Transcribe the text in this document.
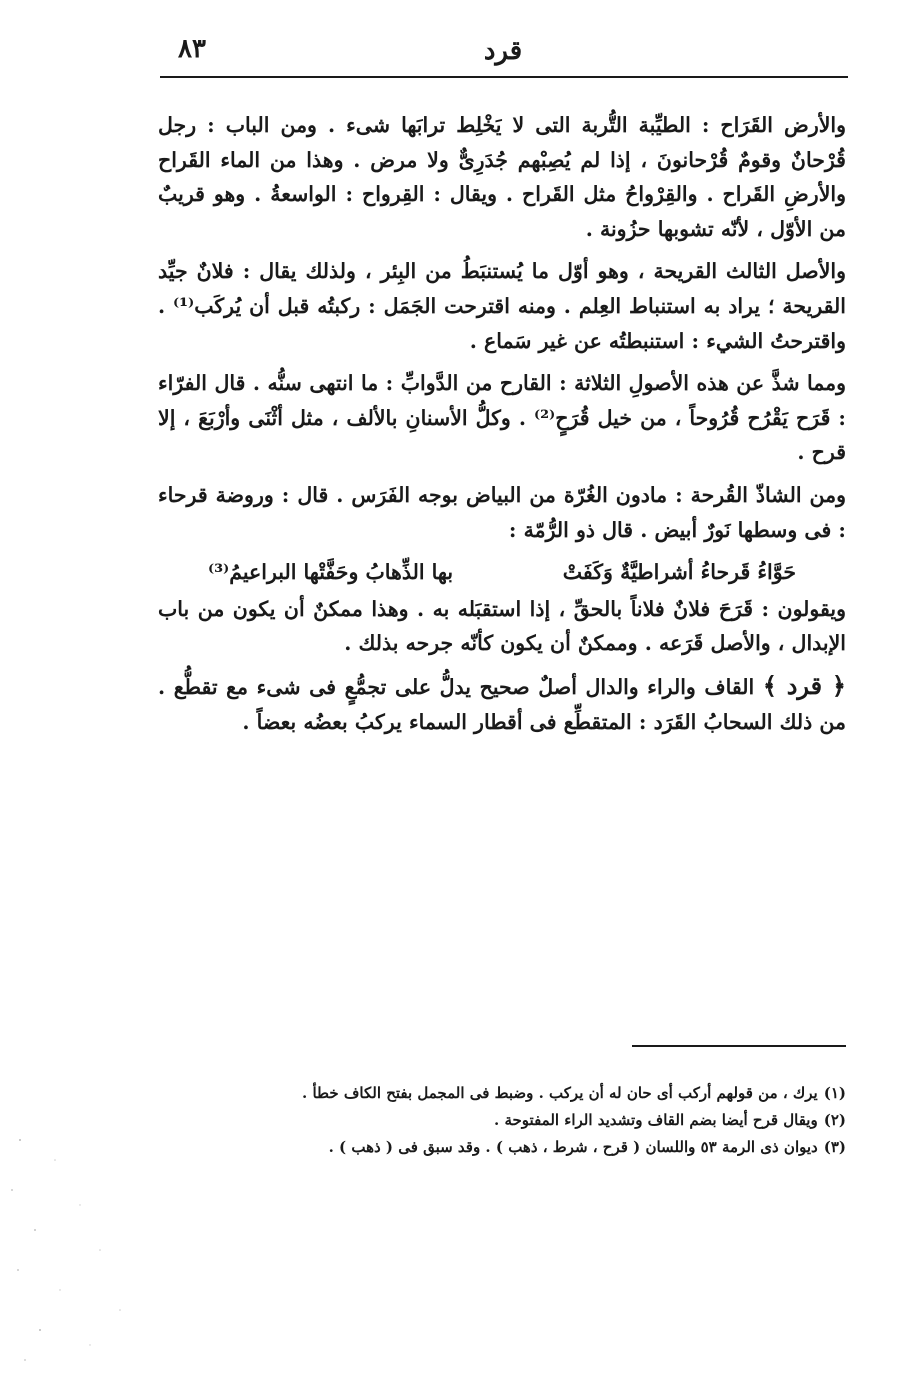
قرد
٨٣

والأرض القَرَاح : الطيِّبة التُّربة التى لا يَخْلِط ترابَها شىء . ومن الباب : رجل قُرْحانٌ وقومٌ قُرْحانونَ ، إذا لم يُصِبْهم جُدَرِىٌّ ولا مرض . وهذا من الماء القَراح والأرضِ القَراح . والقِرْواحُ مثل القَراح . ويقال : القِرواح : الواسعةُ . وهو قريبٌ من الأوّل ، لأنّه تشوبها حزُونة .

والأصل الثالث القريحة ، وهو أوّل ما يُستنبَطُ من البِئر ، ولذلك يقال : فلانٌ جيِّد القريحة ؛ يراد به استنباط العِلم . ومنه اقترحت الجَمَل : ركبتُه قبل أن يُركَب⁽¹⁾ . واقترحتُ الشيء : استنبطتُه عن غير سَماع .

ومما شذَّ عن هذه الأصولِ الثلاثة : القارح من الدَّوابِّ : ما انتهى سنُّه . قال الفرّاء : قَرَح يَقْرُح قُرُوحاً ، من خيل قُرَحٍ⁽²⁾ . وكلُّ الأسنانِ بالألف ، مثل أثْنَى وأرْبَعَ ، إلا قرح .

ومن الشاذّ القُرحة : مادون الغُرّة من البياض بوجه الفَرَس . قال : وروضة قرحاء : فى وسطها نَورٌ أبيض . قال ذو الرُّمّة :

حَوَّاءُ قَرحاءُ أشراطيَّةٌ وَكَفَتْ
بها الذِّهابُ وحَفَّتْها البراعيمُ⁽³⁾

ويقولون : قَرَحَ فلانٌ فلاناً بالحقِّ ، إذا استقبَله به . وهذا ممكنٌ أن يكون من باب الإبدال ، والأصل قَرَعه . وممكنٌ أن يكون كأنّه جرحه بذلك .

﴿ قرد ﴾ القاف والراء والدال أصلٌ صحيح يدلُّ على تجمُّعٍ فى شىء مع تقطُّع . من ذلك السحابُ القَرَد : المتقطِّع فى أقطار السماء يركبُ بعضُه بعضاً .

(١)يرك ، من قولهم أركب أى حان له أن يركب . وضبط فى المجمل بفتح الكاف خطأ .
(٢)ويقال قرح أيضا بضم القاف وتشديد الراء المفتوحة .
(٣)ديوان ذى الرمة ٥٣ واللسان ( قرح ، شرط ، ذهب ) . وقد سبق فى ( ذهب ) .
